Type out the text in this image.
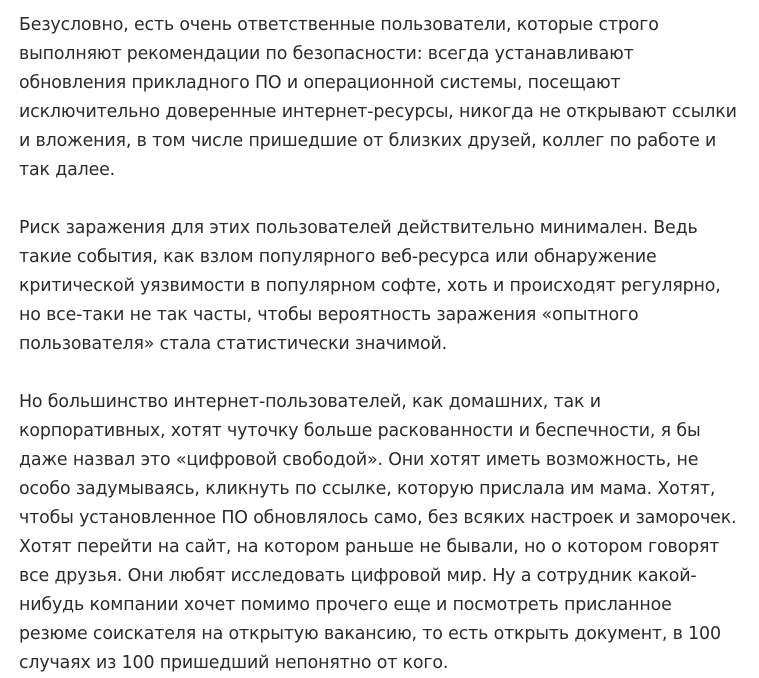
Безусловно, есть очень ответственные пользователи, которые строго выполняют рекомендации по безопасности: всегда устанавливают обновления прикладного ПО и операционной системы, посещают исключительно доверенные интернет-ресурсы, никогда не открывают ссылки и вложения, в том числе пришедшие от близких друзей, коллег по работе и так далее.

Риск заражения для этих пользователей действительно минимален. Ведь такие события, как взлом популярного веб-ресурса или обнаружение критической уязвимости в популярном софте, хоть и происходят регулярно, но все-таки не так часты, чтобы вероятность заражения «опытного пользователя» стала статистически значимой.

Но большинство интернет-пользователей, как домашних, так и корпоративных, хотят чуточку больше раскованности и беспечности, я бы даже назвал это «цифровой свободой». Они хотят иметь возможность, не особо задумываясь, кликнуть по ссылке, которую прислала им мама. Хотят, чтобы установленное ПО обновлялось само, без всяких настроек и заморочек. Хотят перейти на сайт, на котором раньше не бывали, но о котором говорят все друзья. Они любят исследовать цифровой мир. Ну а сотрудник какой-нибудь компании хочет помимо прочего еще и посмотреть присланное резюме соискателя на открытую вакансию, то есть открыть документ, в 100 случаях из 100 пришедший непонятно от кого.
